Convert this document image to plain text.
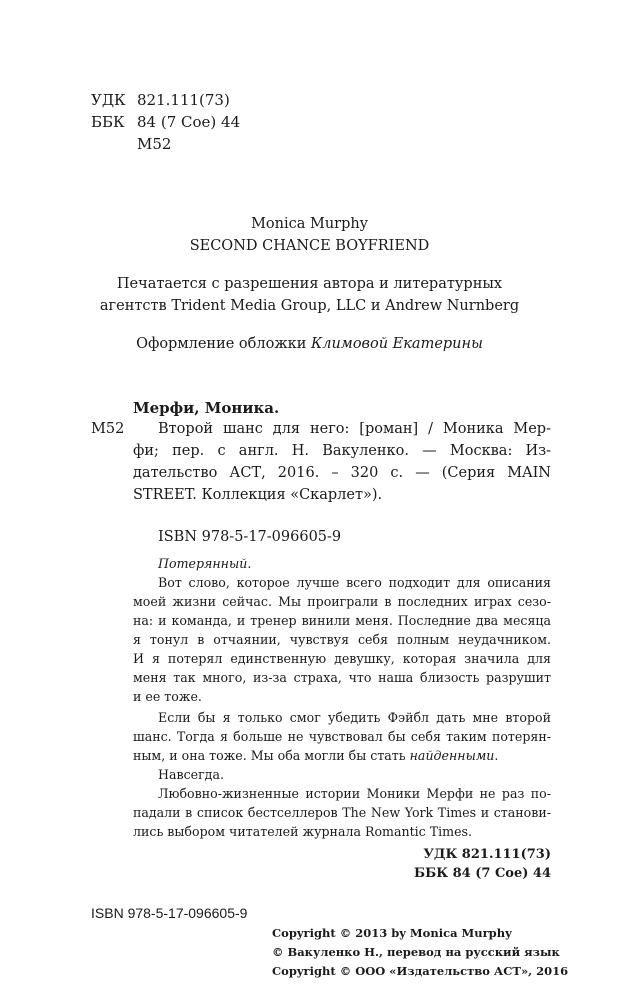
УДК 821.111(73)
ББК 84 (7 Сое) 44
М52
Monica Murphy
SECOND CHANCE BOYFRIEND
Печатается с разрешения автора и литературных
агентств Trident Media Group, LLC и Andrew Nurnberg
Оформление обложки Климовой Екатерины
Мерфи, Моника.
М52	Второй шанс для него: [роман] / Моника Мер-
фи; пер. с англ. Н. Вакуленко. — Москва: Из-
дательство АСТ, 2016. – 320 с. — (Серия MAIN
STREET. Коллекция «Скарлет»).
ISBN 978-5-17-096605-9
Потерянный.
Вот слово, которое лучше всего подходит для описания
моей жизни сейчас. Мы проиграли в последних играх сезо-
на: и команда, и тренер винили меня. Последние два месяца
я тонул в отчаянии, чувствуя себя полным неудачником.
И я потерял единственную девушку, которая значила для
меня так много, из-за страха, что наша близость разрушит
и ее тоже.
Если бы я только смог убедить Фэйбл дать мне второй
шанс. Тогда я больше не чувствовал бы себя таким потерян-
ным, и она тоже. Мы оба могли бы стать найденными.
Навсегда.
Любовно-жизненные истории Моники Мерфи не раз по-
падали в список бестселлеров The New York Times и станови-
лись выбором читателей журнала Romantic Times.
УДК 821.111(73)
ББК 84 (7 Сое) 44
ISBN 978-5-17-096605-9
Copyright © 2013 by Monica Murphy
© Вакуленко Н., перевод на русский язык
Copyright © ООО «Издательство АСТ», 2016
